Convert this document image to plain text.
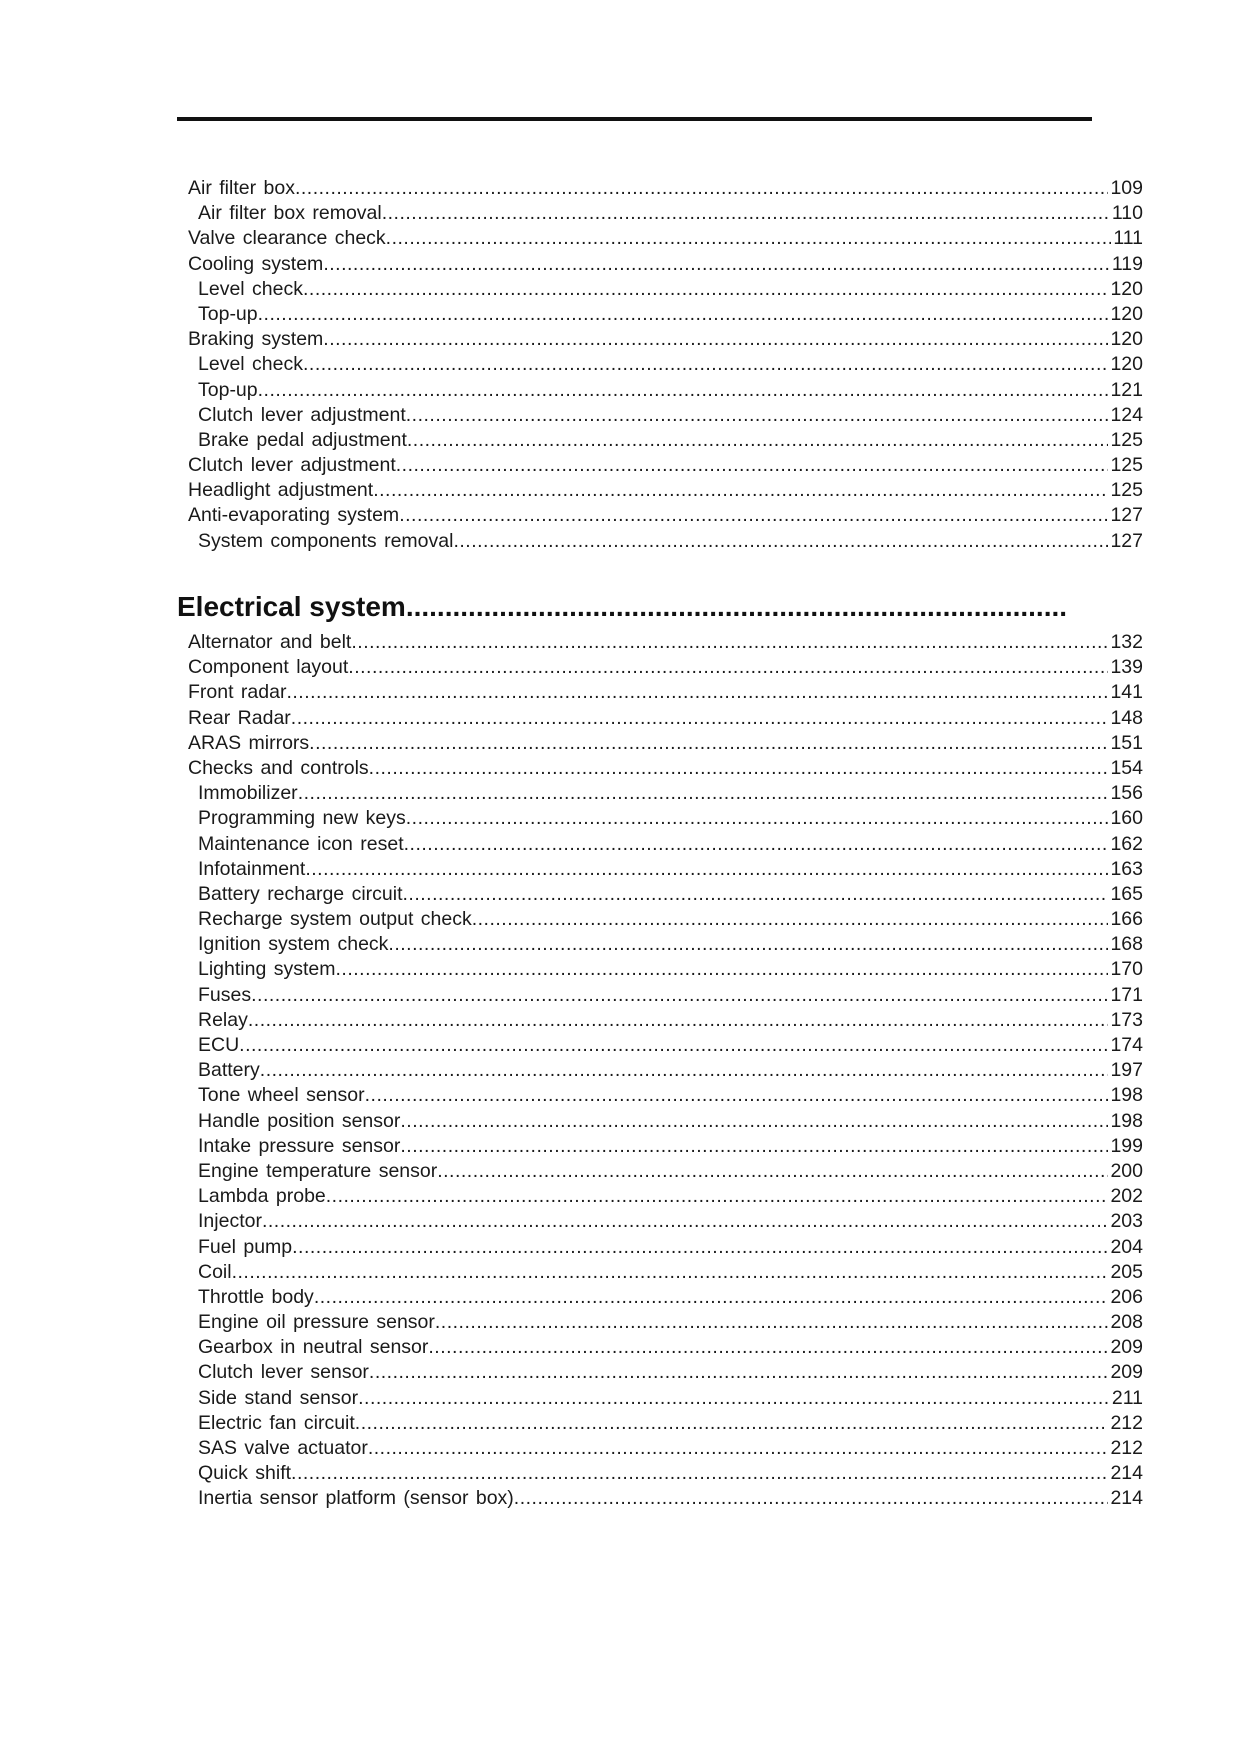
Air filter box .....	109
Air filter box removal .....	110
Valve clearance check .....	111
Cooling system .....	119
Level check .....	120
Top-up .....	120
Braking system .....	120
Level check .....	120
Top-up .....	121
Clutch lever adjustment .....	124
Brake pedal adjustment .....	125
Clutch lever adjustment .....	125
Headlight adjustment .....	125
Anti-evaporating system .....	127
System components removal .....	127
Electrical system
.....
Alternator and belt .....	132
Component layout .....	139
Front radar .....	141
Rear Radar .....	148
ARAS mirrors .....	151
Checks and controls .....	154
Immobilizer .....	156
Programming new keys .....	160
Maintenance icon reset .....	162
Infotainment .....	163
Battery recharge circuit .....	165
Recharge system output check .....	166
Ignition system check .....	168
Lighting system .....	170
Fuses .....	171
Relay .....	173
ECU .....	174
Battery .....	197
Tone wheel sensor .....	198
Handle position sensor .....	198
Intake pressure sensor .....	199
Engine temperature sensor .....	200
Lambda probe .....	202
Injector .....	203
Fuel pump .....	204
Coil .....	205
Throttle body .....	206
Engine oil pressure sensor .....	208
Gearbox in neutral sensor .....	209
Clutch lever sensor .....	209
Side stand sensor .....	211
Electric fan circuit .....	212
SAS valve actuator .....	212
Quick shift .....	214
Inertia sensor platform (sensor box) .....	214
